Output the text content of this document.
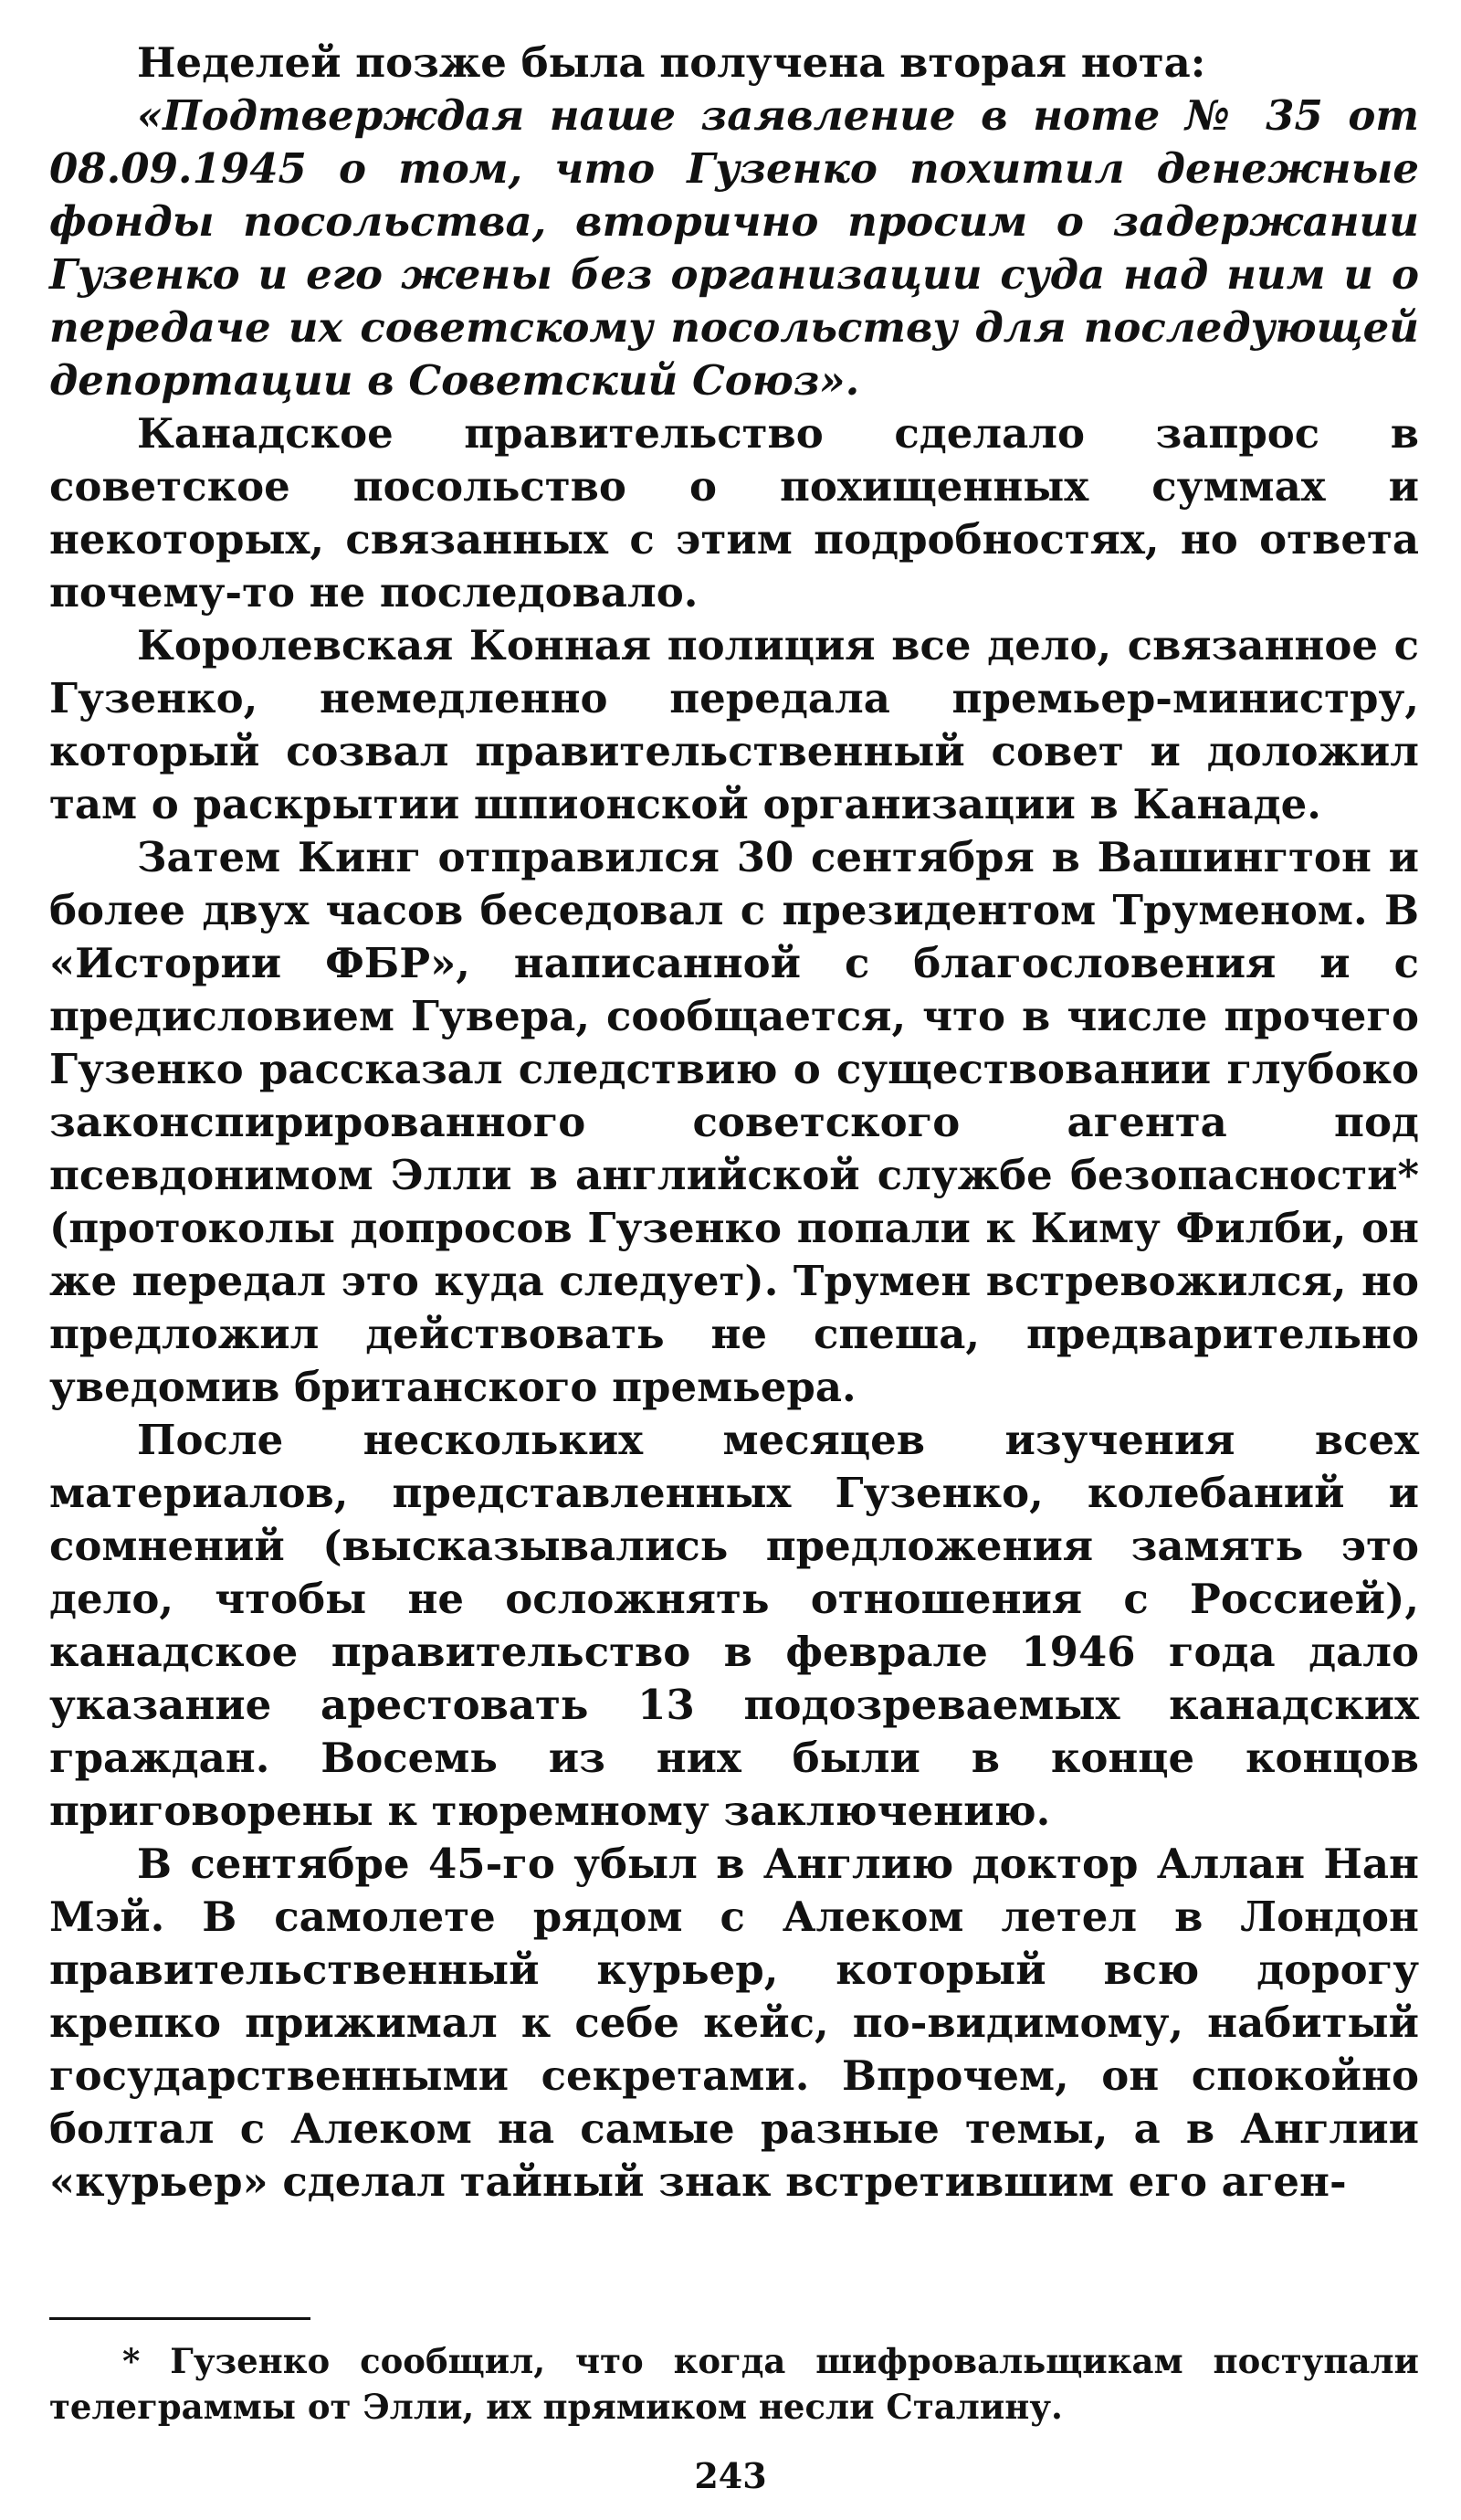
Неделей позже была получена вторая нота:

«Подтверждая наше заявление в ноте № 35 от 08.09.1945 о том, что Гузенко похитил денежные фонды посольства, вторично просим о задержании Гузенко и его жены без организации суда над ним и о передаче их советскому посольству для последующей депортации в Советский Союз».

Канадское правительство сделало запрос в советское посольство о похищенных суммах и некоторых, связанных с этим подробностях, но ответа почему-то не последовало.

Королевская Конная полиция все дело, связанное с Гузенко, немедленно передала премьер-министру, который созвал правительственный совет и доложил там о раскрытии шпионской организации в Канаде.

Затем Кинг отправился 30 сентября в Вашингтон и более двух часов беседовал с президентом Труменом. В «Истории ФБР», написанной с благословения и с предисловием Гувера, сообщается, что в числе прочего Гузенко рассказал следствию о существовании глубоко законспирированного советского агента под псевдонимом Элли в английской службе безопасности* (протоколы допросов Гузенко попали к Киму Филби, он же передал это куда следует). Трумен встревожился, но предложил действовать не спеша, предварительно уведомив британского премьера.

После нескольких месяцев изучения всех материалов, представленных Гузенко, колебаний и сомнений (высказывались предложения замять это дело, чтобы не осложнять отношения с Россией), канадское правительство в феврале 1946 года дало указание арестовать 13 подозреваемых канадских граждан. Восемь из них были в конце концов приговорены к тюремному заключению.

В сентябре 45-го убыл в Англию доктор Аллан Нан Мэй. В самолете рядом с Алеком летел в Лондон правительственный курьер, который всю дорогу крепко прижимал к себе кейс, по-видимому, набитый государственными секретами. Впрочем, он спокойно болтал с Алеком на самые разные темы, а в Англии «курьер» сделал тайный знак встретившим его аген-

* Гузенко сообщил, что когда шифровальщикам поступали телеграммы от Элли, их прямиком несли Сталину.

243
